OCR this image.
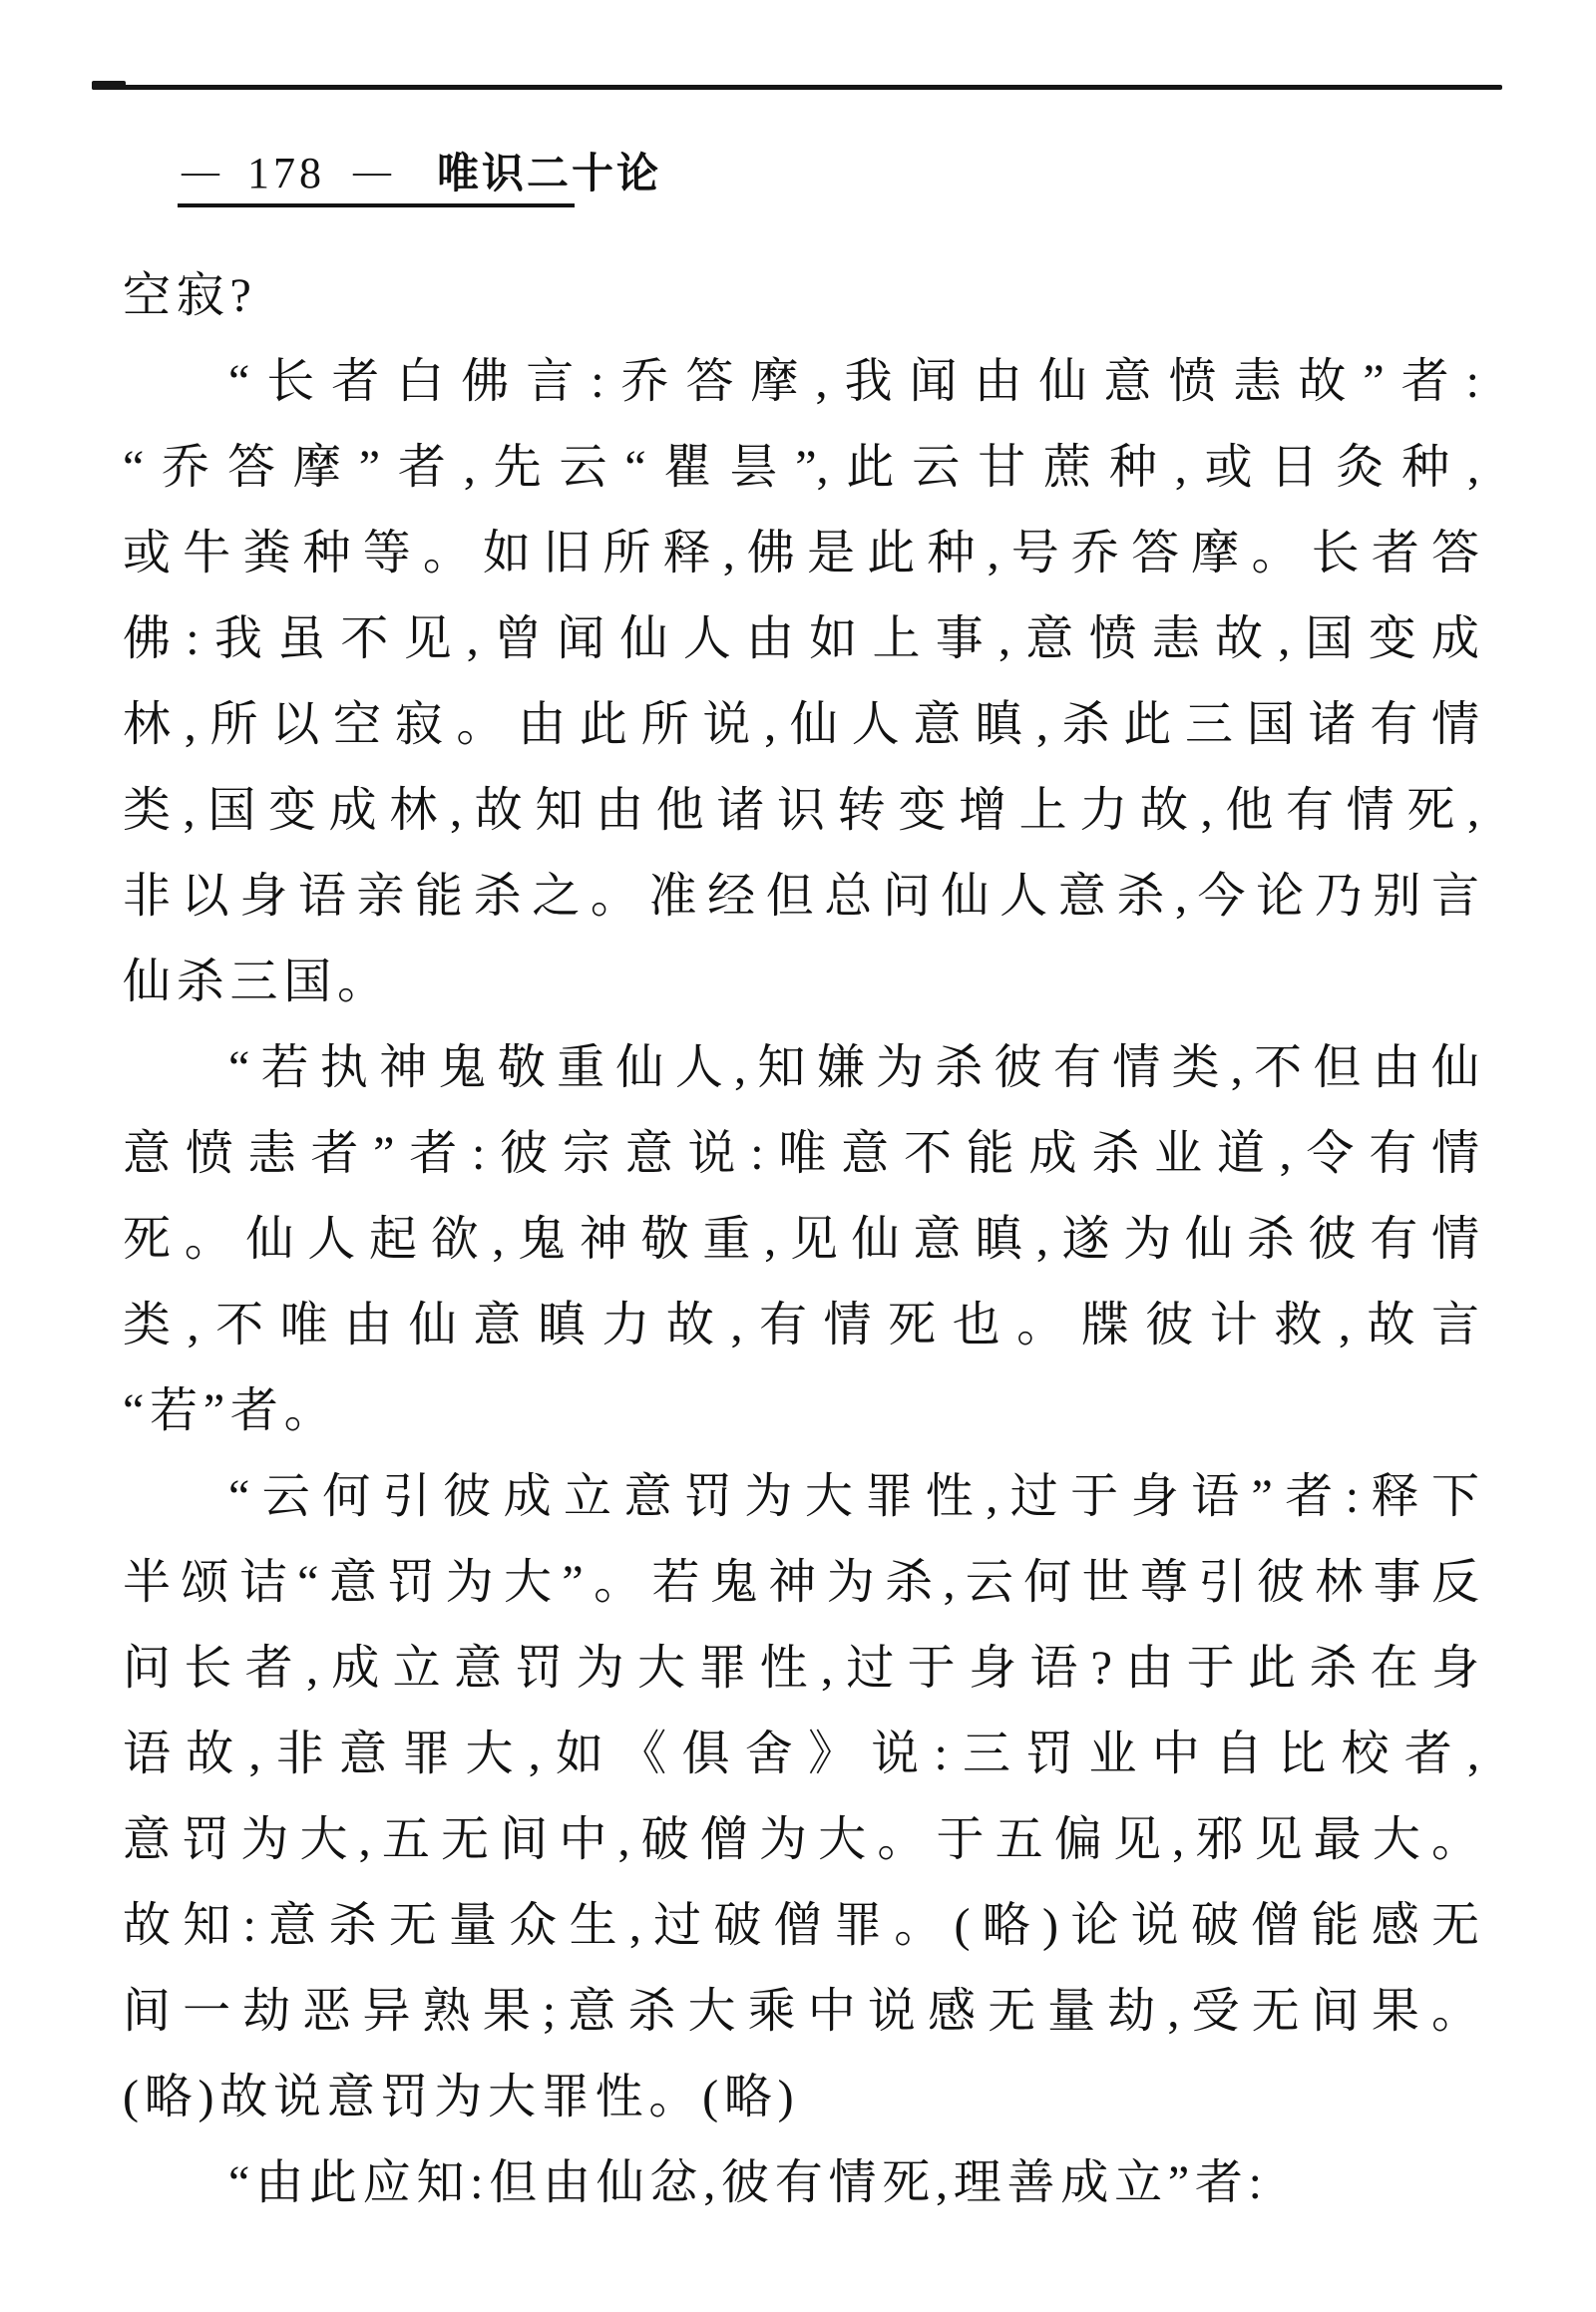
— 178 — 唯识二十论
空寂?
“长者白佛言:乔答摩,我闻由仙意愤恚故”者:
“乔答摩”者,先云“瞿昙”,此云甘蔗种,或日灸种,
或牛粪种等。如旧所释,佛是此种,号乔答摩。长者答
佛:我虽不见,曾闻仙人由如上事,意愤恚故,国变成
林,所以空寂。由此所说,仙人意瞋,杀此三国诸有情
类,国变成林,故知由他诸识转变增上力故,他有情死,
非以身语亲能杀之。准经但总问仙人意杀,今论乃别言
仙杀三国。
“若执神鬼敬重仙人,知嫌为杀彼有情类,不但由仙
意愤恚者”者:彼宗意说:唯意不能成杀业道,令有情
死。仙人起欲,鬼神敬重,见仙意瞋,遂为仙杀彼有情
类,不唯由仙意瞋力故,有情死也。牒彼计救,故言
“若”者。
“云何引彼成立意罚为大罪性,过于身语”者:释下
半颂诘“意罚为大”。若鬼神为杀,云何世尊引彼林事反
问长者,成立意罚为大罪性,过于身语?由于此杀在身
语故,非意罪大,如《俱舍》说:三罚业中自比校者,
意罚为大,五无间中,破僧为大。于五偏见,邪见最大。
故知:意杀无量众生,过破僧罪。(略)论说破僧能感无
间一劫恶异熟果;意杀大乘中说感无量劫,受无间果。
(略)故说意罚为大罪性。(略)
“由此应知:但由仙忿,彼有情死,理善成立”者:
